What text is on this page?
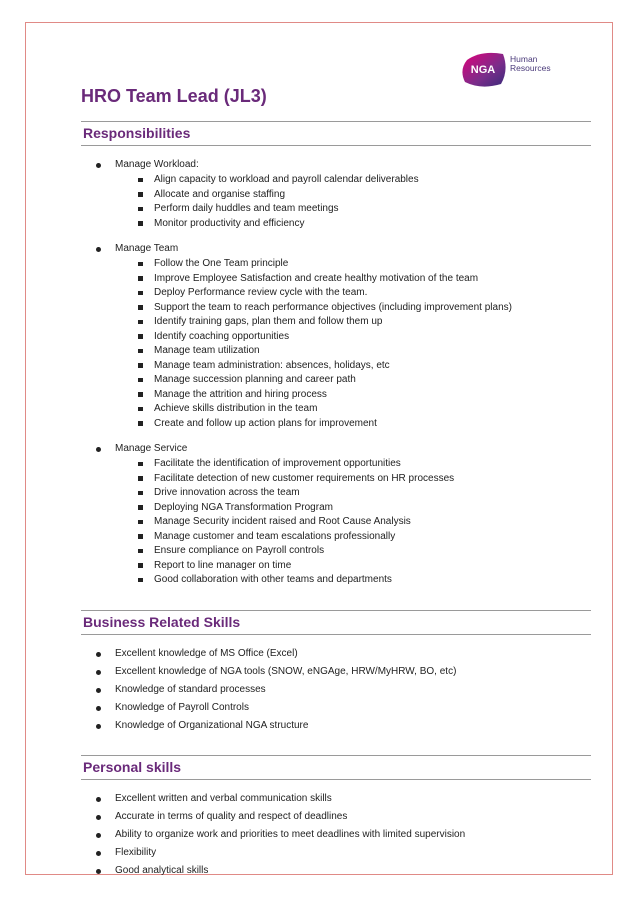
NGA
Human
Resources
HRO Team Lead (JL3)
Responsibilities
Manage Workload:
Align capacity to workload and payroll calendar deliverables
Allocate and organise staffing
Perform daily huddles and team meetings
Monitor productivity and efficiency
Manage Team
Follow the One Team principle
Improve Employee Satisfaction and create healthy motivation of the team
Deploy Performance review cycle with the team.
Support the team to reach performance objectives (including improvement plans)
Identify training gaps, plan them and follow them up
Identify coaching opportunities
Manage team utilization
Manage team administration: absences, holidays, etc
Manage succession planning and career path
Manage the attrition and hiring process
Achieve skills distribution in the team
Create and follow up action plans for improvement
Manage Service
Facilitate the identification of improvement opportunities
Facilitate detection of new customer requirements on HR processes
Drive innovation across the team
Deploying NGA Transformation Program
Manage Security incident raised and Root Cause Analysis
Manage customer and team escalations professionally
Ensure compliance on Payroll controls
Report to line manager on time
Good collaboration with other teams and departments
Business Related Skills
Excellent knowledge of MS Office (Excel)
Excellent knowledge of NGA tools (SNOW, eNGAge, HRW/MyHRW, BO, etc)
Knowledge of standard processes
Knowledge of Payroll Controls
Knowledge of Organizational NGA structure
Personal skills
Excellent written and verbal communication skills
Accurate in terms of quality and respect of deadlines
Ability to organize work and priorities to meet deadlines with limited supervision
Flexibility
Good analytical skills
